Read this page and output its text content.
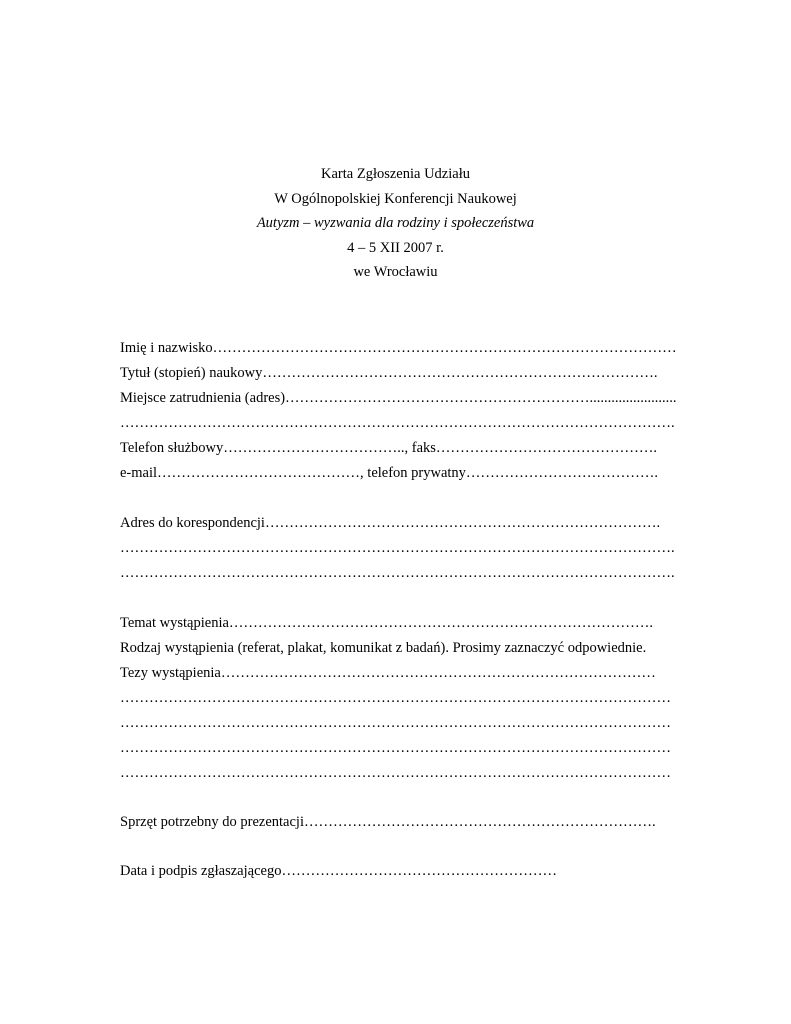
Karta Zgłoszenia Udziału
W Ogólnopolskiej Konferencji Naukowej
Autyzm – wyzwania dla rodziny i społeczeństwa
4 – 5 XII 2007 r.
we Wrocławiu
Imię i nazwisko……………………………………………………………………………………
Tytuł (stopień) naukowy……………………………………………………………………….
Miejsce zatrudnienia (adres)………………………………………………………........................
…………………………………………………………………………………………………….
Telefon służbowy……………………………….., faks……………………………………….
e-mail……………………………………, telefon prywatny………………………………….
Adres do korespondencji……………………………………………………………………….
…………………………………………………………………………………………………….
…………………………………………………………………………………………………….
Temat wystąpienia…………………………………………………………………………….
Rodzaj wystąpienia (referat, plakat, komunikat z badań). Prosimy zaznaczyć odpowiednie.
Tezy wystąpienia………………………………………………………………………………
……………………………………………………………………………………………………
……………………………………………………………………………………………………
……………………………………………………………………………………………………
……………………………………………………………………………………………………
Sprzęt potrzebny do prezentacji……………………………………………………………….
Data i podpis zgłaszającego…………………………………………………
